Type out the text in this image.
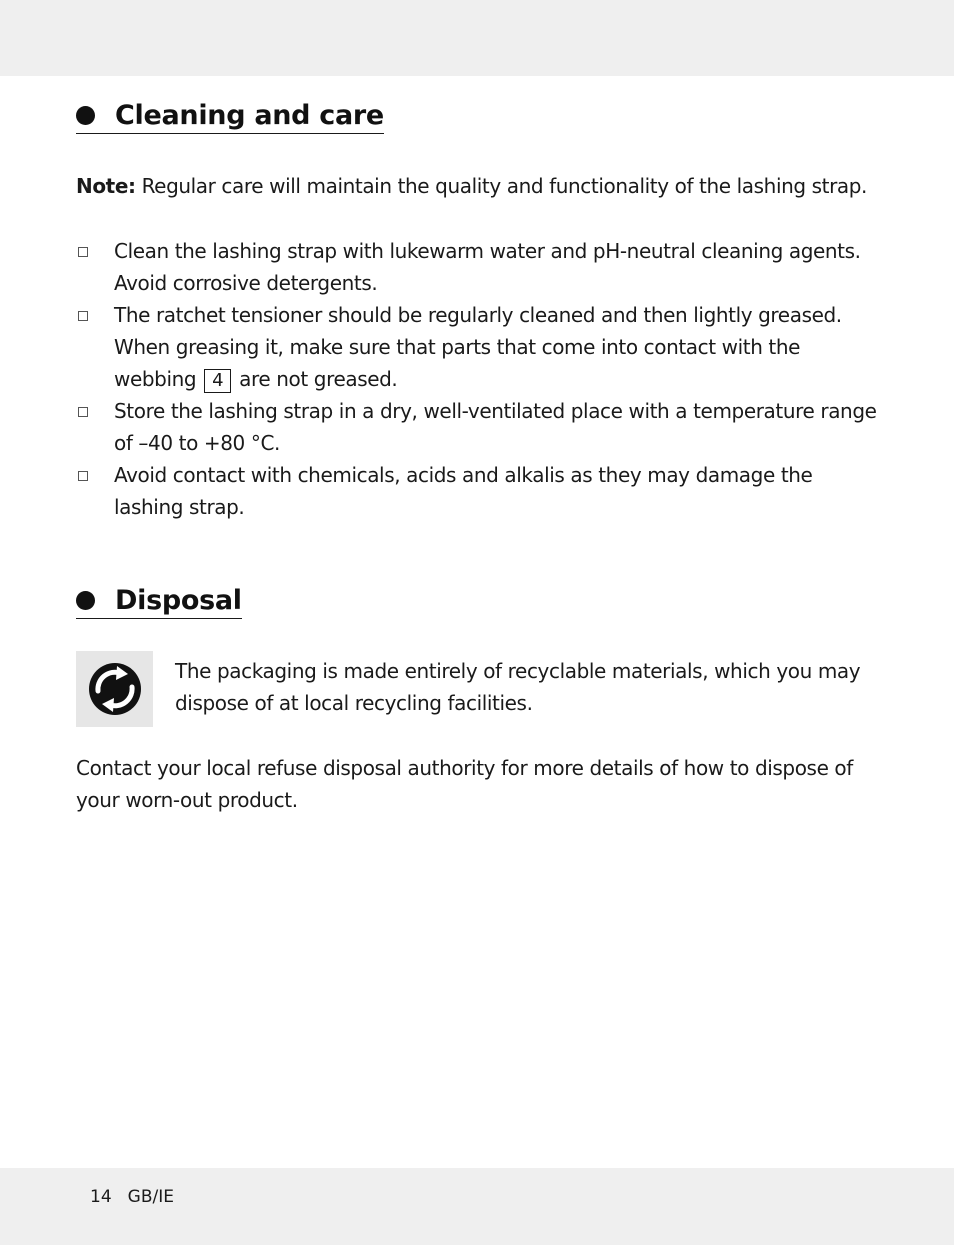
Cleaning and care
Note: Regular care will maintain the quality and functionality of the lashing strap.
Clean the lashing strap with lukewarm water and pH-neutral cleaning agents. Avoid corrosive detergents.
The ratchet tensioner should be regularly cleaned and then lightly greased. When greasing it, make sure that parts that come into contact with the webbing 4 are not greased.
Store the lashing strap in a dry, well-ventilated place with a temperature range of –40 to +80 °C.
Avoid contact with chemicals, acids and alkalis as they may damage the lashing strap.
Disposal
The packaging is made entirely of recyclable materials, which you may dispose of at local recycling facilities.
Contact your local refuse disposal authority for more details of how to dispose of your worn-out product.
14 GB/IE
